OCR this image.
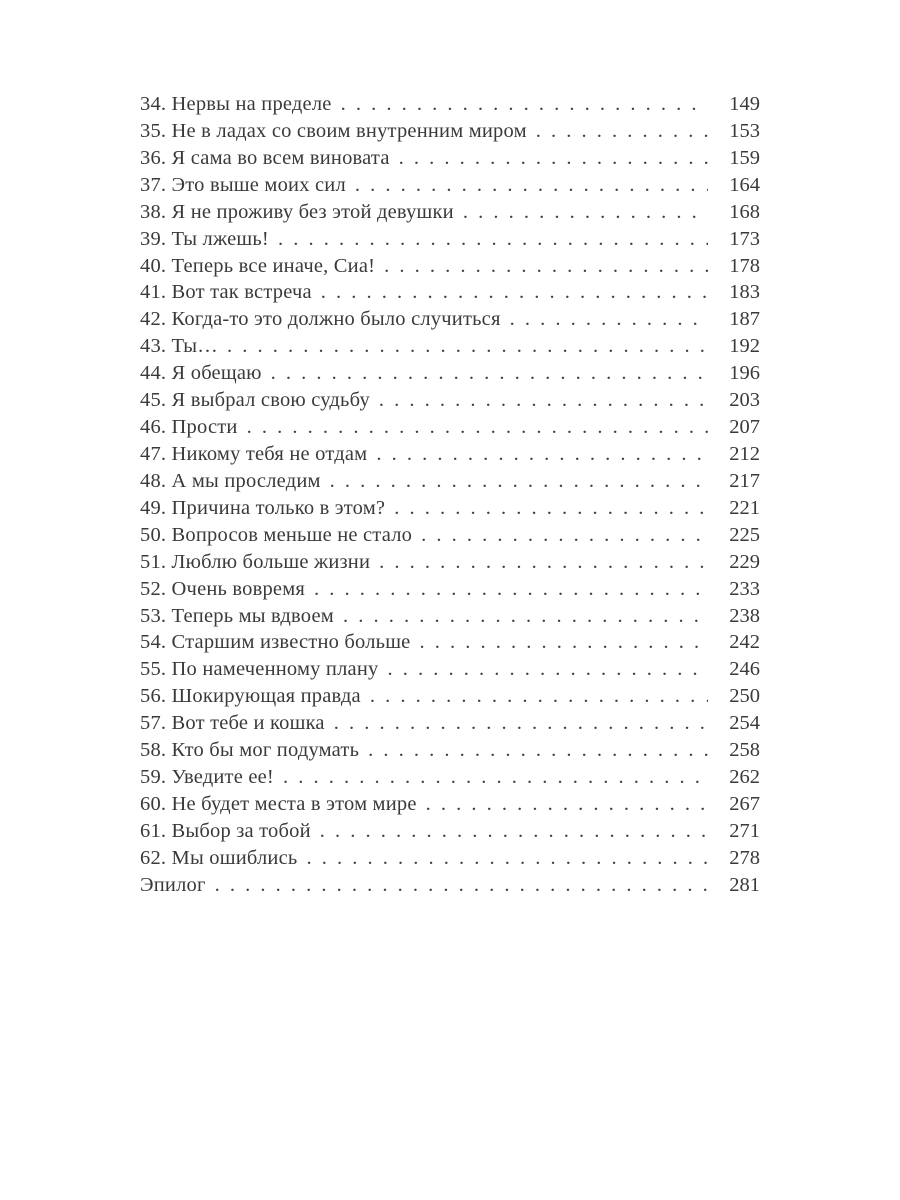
34. Нервы на пределе . . .	149
35. Не в ладах со своим внутренним миром . . .	153
36. Я сама во всем виновата . . .	159
37. Это выше моих сил . . .	164
38. Я не проживу без этой девушки . . .	168
39. Ты лжешь! . . .	173
40. Теперь все иначе, Сиа! . . .	178
41. Вот так встреча . . .	183
42. Когда-то это должно было случиться . . .	187
43. Ты… . . .	192
44. Я обещаю . . .	196
45. Я выбрал свою судьбу . . .	203
46. Прости . . .	207
47. Никому тебя не отдам . . .	212
48. А мы проследим . . .	217
49. Причина только в этом? . . .	221
50. Вопросов меньше не стало . . .	225
51. Люблю больше жизни . . .	229
52. Очень вовремя . . .	233
53. Теперь мы вдвоем . . .	238
54. Старшим известно больше . . .	242
55. По намеченному плану . . .	246
56. Шокирующая правда . . .	250
57. Вот тебе и кошка . . .	254
58. Кто бы мог подумать . . .	258
59. Уведите ее! . . .	262
60. Не будет места в этом мире . . .	267
61. Выбор за тобой . . .	271
62. Мы ошиблись . . .	278
Эпилог . . .	281
